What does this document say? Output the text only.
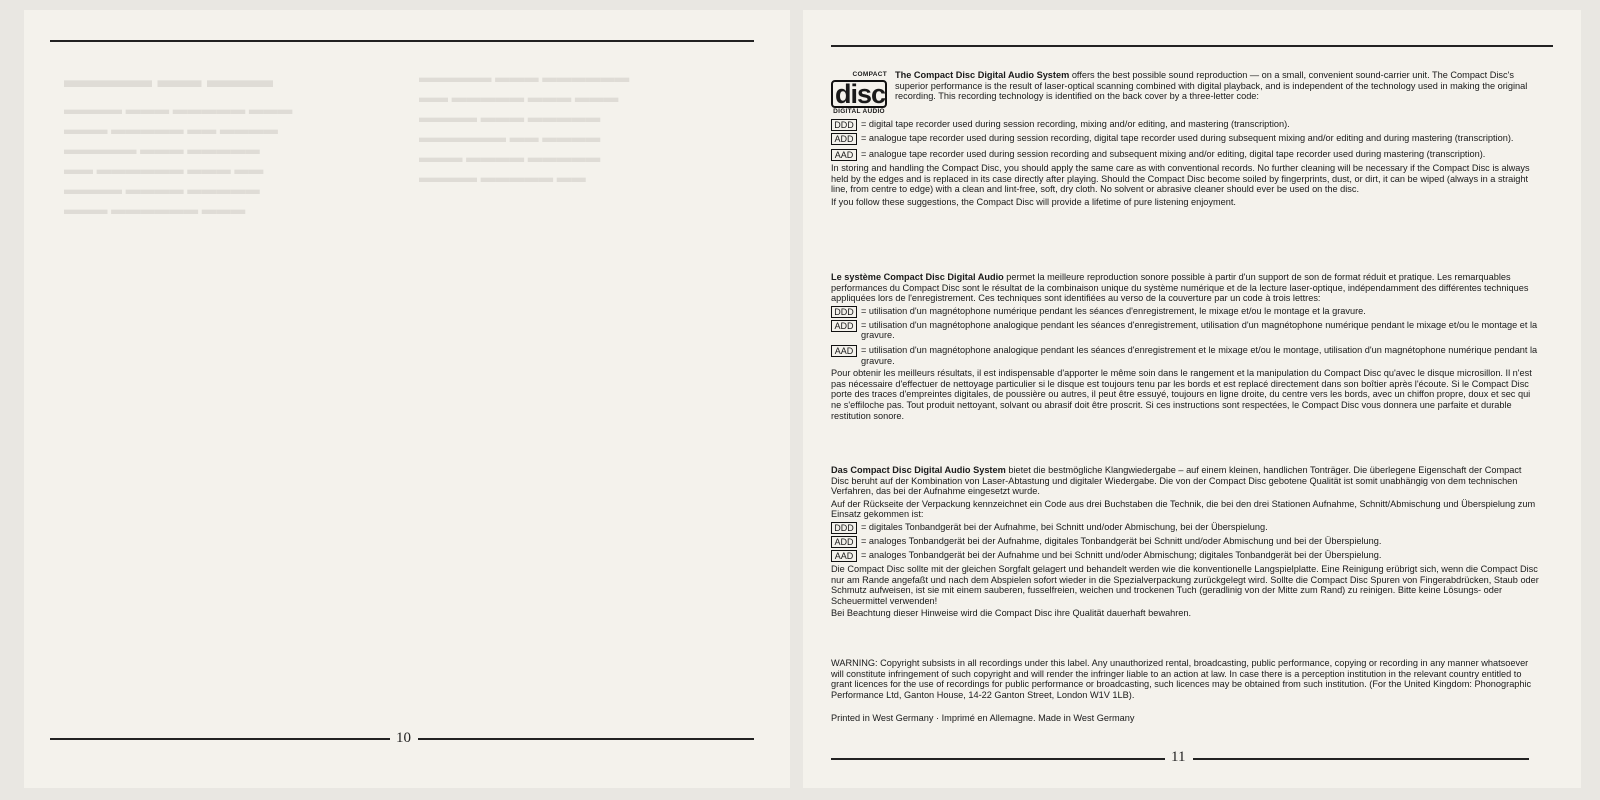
▬▬▬▬ ▬▬ ▬▬▬
▬▬▬▬ ▬▬▬ ▬▬▬▬▬ ▬▬▬
▬▬▬ ▬▬▬▬▬ ▬▬ ▬▬▬▬
▬▬▬▬▬ ▬▬▬ ▬▬▬▬▬
▬▬ ▬▬▬▬▬▬ ▬▬▬ ▬▬
▬▬▬▬ ▬▬▬▬ ▬▬▬▬▬
▬▬▬ ▬▬▬▬▬▬ ▬▬▬
▬▬▬▬▬ ▬▬▬ ▬▬▬▬▬▬
▬▬ ▬▬▬▬▬ ▬▬▬ ▬▬▬
▬▬▬▬ ▬▬▬ ▬▬▬▬▬
▬▬▬▬▬▬ ▬▬ ▬▬▬▬
▬▬▬ ▬▬▬▬ ▬▬▬▬▬
▬▬▬▬ ▬▬▬▬▬ ▬▬
10
COMPACT
disc
DIGITAL AUDIO

The Compact Disc Digital Audio System offers the best possible sound reproduction — on a small, convenient sound-carrier unit. The Compact Disc's superior performance is the result of laser-optical scanning combined with digital playback, and is independent of the technology used in making the original recording. This recording technology is identified on the back cover by a three-letter code:

DDD = digital tape recorder used during session recording, mixing and/or editing, and mastering (transcription).
ADD = analogue tape recorder used during session recording, digital tape recorder used during subsequent mixing and/or editing and during mastering (transcription).
AAD = analogue tape recorder used during session recording and subsequent mixing and/or editing, digital tape recorder used during mastering (transcription).

In storing and handling the Compact Disc, you should apply the same care as with conventional records. No further cleaning will be necessary if the Compact Disc is always held by the edges and is replaced in its case directly after playing. Should the Compact Disc become soiled by fingerprints, dust, or dirt, it can be wiped (always in a straight line, from centre to edge) with a clean and lint-free, soft, dry cloth. No solvent or abrasive cleaner should ever be used on the disc.

If you follow these suggestions, the Compact Disc will provide a lifetime of pure listening enjoyment.

Le système Compact Disc Digital Audio permet la meilleure reproduction sonore possible à partir d'un support de son de format réduit et pratique. Les remarquables performances du Compact Disc sont le résultat de la combinaison unique du système numérique et de la lecture laser-optique, indépendamment des différentes techniques appliquées lors de l'enregistrement. Ces techniques sont identifiées au verso de la couverture par un code à trois lettres:

DDD = utilisation d'un magnétophone numérique pendant les séances d'enregistrement, le mixage et/ou le montage et la gravure.
ADD = utilisation d'un magnétophone analogique pendant les séances d'enregistrement, utilisation d'un magnétophone numérique pendant le mixage et/ou le montage et la gravure.
AAD = utilisation d'un magnétophone analogique pendant les séances d'enregistrement et le mixage et/ou le montage, utilisation d'un magnétophone numérique pendant la gravure.

Pour obtenir les meilleurs résultats, il est indispensable d'apporter le même soin dans le rangement et la manipulation du Compact Disc qu'avec le disque microsillon. Il n'est pas nécessaire d'effectuer de nettoyage particulier si le disque est toujours tenu par les bords et est replacé directement dans son boîtier après l'écoute. Si le Compact Disc porte des traces d'empreintes digitales, de poussière ou autres, il peut être essuyé, toujours en ligne droite, du centre vers les bords, avec un chiffon propre, doux et sec qui ne s'effiloche pas. Tout produit nettoyant, solvant ou abrasif doit être proscrit. Si ces instructions sont respectées, le Compact Disc vous donnera une parfaite et durable restitution sonore.

Das Compact Disc Digital Audio System bietet die bestmögliche Klangwiedergabe – auf einem kleinen, handlichen Tonträger. Die überlegene Eigenschaft der Compact Disc beruht auf der Kombination von Laser-Abtastung und digitaler Wiedergabe. Die von der Compact Disc gebotene Qualität ist somit unabhängig von dem technischen Verfahren, das bei der Aufnahme eingesetzt wurde.

Auf der Rückseite der Verpackung kennzeichnet ein Code aus drei Buchstaben die Technik, die bei den drei Stationen Aufnahme, Schnitt/Abmischung und Überspielung zum Einsatz gekommen ist:

DDD = digitales Tonbandgerät bei der Aufnahme, bei Schnitt und/oder Abmischung, bei der Überspielung.
ADD = analoges Tonbandgerät bei der Aufnahme, digitales Tonbandgerät bei Schnitt und/oder Abmischung und bei der Überspielung.
AAD = analoges Tonbandgerät bei der Aufnahme und bei Schnitt und/oder Abmischung; digitales Tonbandgerät bei der Überspielung.

Die Compact Disc sollte mit der gleichen Sorgfalt gelagert und behandelt werden wie die konventionelle Langspielplatte. Eine Reinigung erübrigt sich, wenn die Compact Disc nur am Rande angefaßt und nach dem Abspielen sofort wieder in die Spezialverpackung zurückgelegt wird. Sollte die Compact Disc Spuren von Fingerabdrücken, Staub oder Schmutz aufweisen, ist sie mit einem sauberen, fusselfreien, weichen und trockenen Tuch (geradlinig von der Mitte zum Rand) zu reinigen. Bitte keine Lösungs- oder Scheuermittel verwenden!

Bei Beachtung dieser Hinweise wird die Compact Disc ihre Qualität dauerhaft bewahren.

WARNING: Copyright subsists in all recordings under this label. Any unauthorized rental, broadcasting, public performance, copying or recording in any manner whatsoever will constitute infringement of such copyright and will render the infringer liable to an action at law. In case there is a perception institution in the relevant country entitled to grant licences for the use of recordings for public performance or broadcasting, such licences may be obtained from such institution. (For the United Kingdom: Phonographic Performance Ltd, Ganton House, 14-22 Ganton Street, London W1V 1LB).
Printed in West Germany · Imprimé en Allemagne. Made in West Germany
11
